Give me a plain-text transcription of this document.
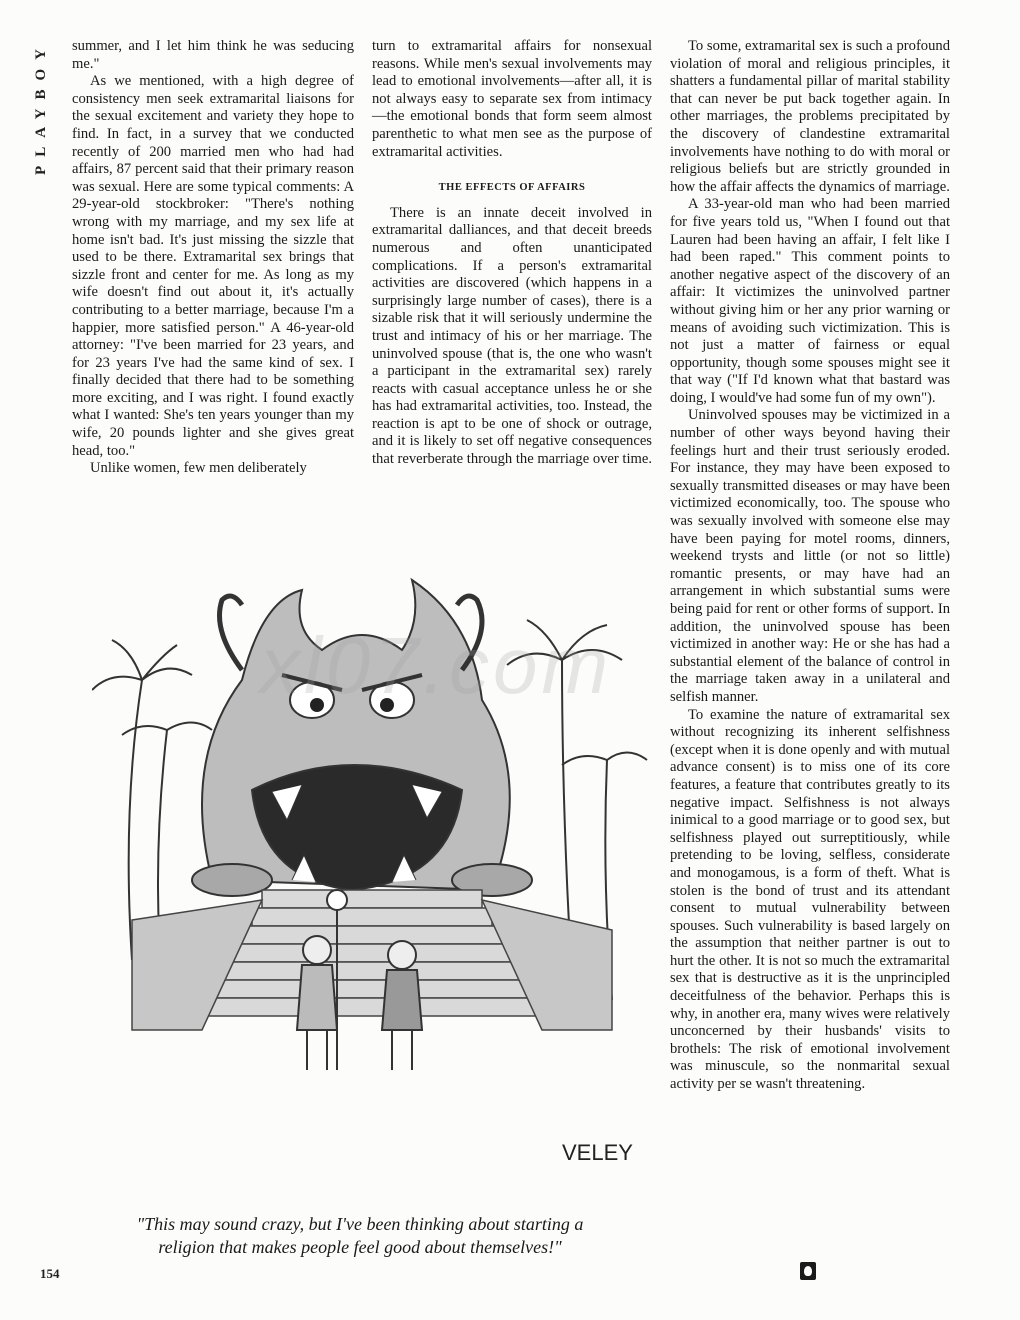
PLAYBOY summer, and I let him think he was seducing me."

As we mentioned, with a high degree of consistency men seek extramarital liaisons for the sexual excitement and variety they hope to find. In fact, in a survey that we conducted recently of 200 married men who had had affairs, 87 percent said that their primary reason was sexual. Here are some typical comments: A 29-year-old stockbroker: "There's nothing wrong with my marriage, and my sex life at home isn't bad. It's just missing the sizzle that used to be there. Extramarital sex brings that sizzle front and center for me. As long as my wife doesn't find out about it, it's actually contributing to a better marriage, because I'm a happier, more satisfied person." A 46-year-old attorney: "I've been married for 23 years, and for 23 years I've had the same kind of sex. I finally decided that there had to be something more exciting, and I was right. I found exactly what I wanted: She's ten years younger than my wife, 20 pounds lighter and she gives great head, too."

Unlike women, few men deliberately

turn to extramarital affairs for nonsexual reasons. While men's sexual involvements may lead to emotional involvements—after all, it is not always easy to separate sex from intimacy—the emotional bonds that form seem almost parenthetic to what men see as the purpose of extramarital activities.

THE EFFECTS OF AFFAIRS

There is an innate deceit involved in extramarital dalliances, and that deceit breeds numerous and often unanticipated complications. If a person's extramarital activities are discovered (which happens in a surprisingly large number of cases), there is a sizable risk that it will seriously undermine the trust and intimacy of his or her marriage. The uninvolved spouse (that is, the one who wasn't a participant in the extramarital sex) rarely reacts with casual acceptance unless he or she has had extramarital activities, too. Instead, the reaction is apt to be one of shock or outrage, and it is likely to set off negative consequences that reverberate through the marriage over time.

To some, extramarital sex is such a profound violation of moral and religious principles, it shatters a fundamental pillar of marital stability that can never be put back together again. In other marriages, the problems precipitated by the discovery of clandestine extramarital involvements have nothing to do with moral or religious beliefs but are strictly grounded in how the affair affects the dynamics of marriage.

A 33-year-old man who had been married for five years told us, "When I found out that Lauren had been having an affair, I felt like I had been raped." This comment points to another negative aspect of the discovery of an affair: It victimizes the uninvolved partner without giving him or her any prior warning or means of avoiding such victimization. This is not just a matter of fairness or equal opportunity, though some spouses might see it that way ("If I'd known what that bastard was doing, I would've had some fun of my own").

Uninvolved spouses may be victimized in a number of other ways beyond having their feelings hurt and their trust seriously eroded. For instance, they may have been exposed to sexually transmitted diseases or may have been victimized economically, too. The spouse who was sexually involved with someone else may have been paying for motel rooms, dinners, weekend trysts and little (or not so little) romantic presents, or may have had an arrangement in which substantial sums were being paid for rent or other forms of support. In addition, the uninvolved spouse has been victimized in another way: He or she has had a substantial element of the balance of control in the marriage taken away in a unilateral and selfish manner.

To examine the nature of extramarital sex without recognizing its inherent selfishness (except when it is done openly and with mutual advance consent) is to miss one of its core features, a feature that contributes greatly to its negative impact. Selfishness is not always inimical to a good marriage or to good sex, but selfishness played out surreptitiously, while pretending to be loving, selfless, considerate and monogamous, is a form of theft. What is stolen is the bond of trust and its attendant consent to mutual vulnerability between spouses. Such vulnerability is based largely on the assumption that neither partner is out to hurt the other. It is not so much the extramarital sex that is destructive as it is the unprincipled deceitfulness of the behavior. Perhaps this is why, in another era, many wives were relatively unconcerned by their husbands' visits to brothels: The risk of emotional involvement was minuscule, so the nonmarital sexual activity per se wasn't threatening.

VELEY
xl07.com
"This may sound crazy, but I've been thinking about starting a religion that makes people feel good about themselves!"
154
